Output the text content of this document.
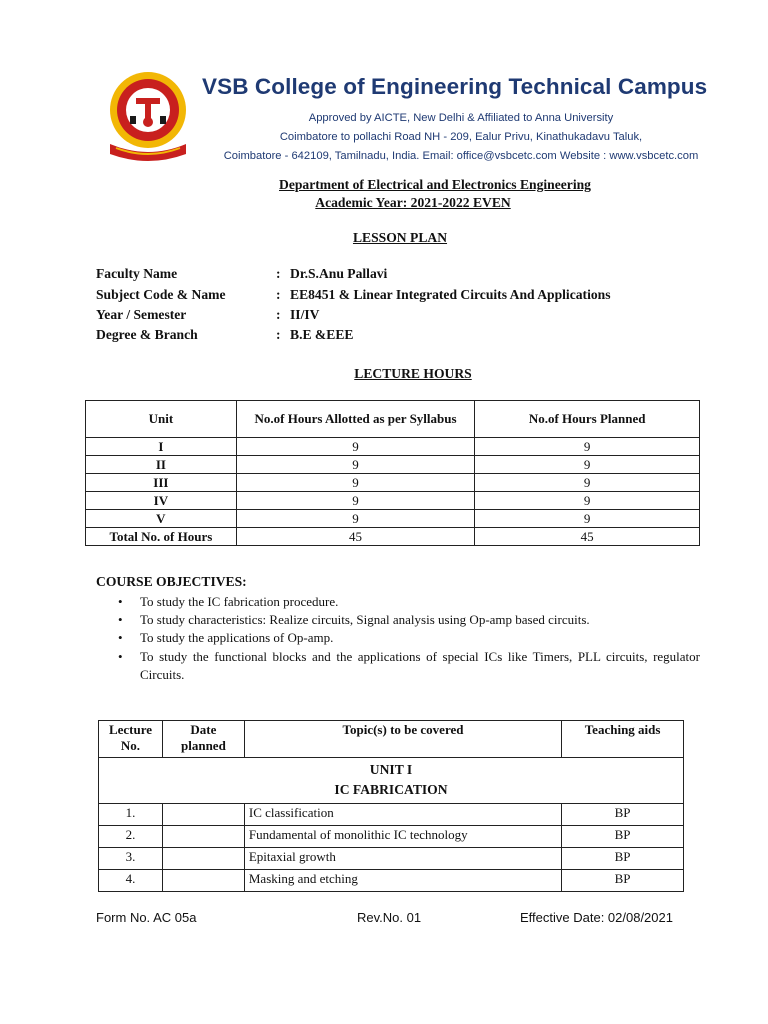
VSB College of Engineering Technical Campus
Approved by AICTE, New Delhi & Affiliated to Anna University
Coimbatore to pollachi Road NH - 209, Ealur Privu, Kinathukadavu Taluk,
Coimbatore - 642109, Tamilnadu, India. Email: office@vsbcetc.com Website : www.vsbcetc.com
Department of Electrical and Electronics Engineering
Academic Year: 2021-2022 EVEN
LESSON PLAN
Faculty Name	: Dr.S.Anu Pallavi
Subject Code & Name	: EE8451 & Linear Integrated Circuits And Applications
Year / Semester	: II/IV
Degree & Branch	: B.E &EEE
LECTURE HOURS
Unit	No.of Hours Allotted as per Syllabus	No.of Hours Planned
I	9	9
II	9	9
III	9	9
IV	9	9
V	9	9
Total No. of Hours	45	45
COURSE OBJECTIVES:
• To study the IC fabrication procedure.
• To study characteristics: Realize circuits, Signal analysis using Op-amp based circuits.
• To study the applications of Op-amp.
• To study the functional blocks and the applications of special ICs like Timers, PLL circuits, regulator Circuits.
Lecture No.	Date planned	Topic(s) to be covered	Teaching aids

UNIT I
IC FABRICATION			

1.		IC classification	BP
2.		Fundamental of monolithic IC technology	BP
3.		Epitaxial growth	BP
4.		Masking and etching	BP
Form No. AC 05a	Rev.No. 01	Effective Date: 02/08/2021
